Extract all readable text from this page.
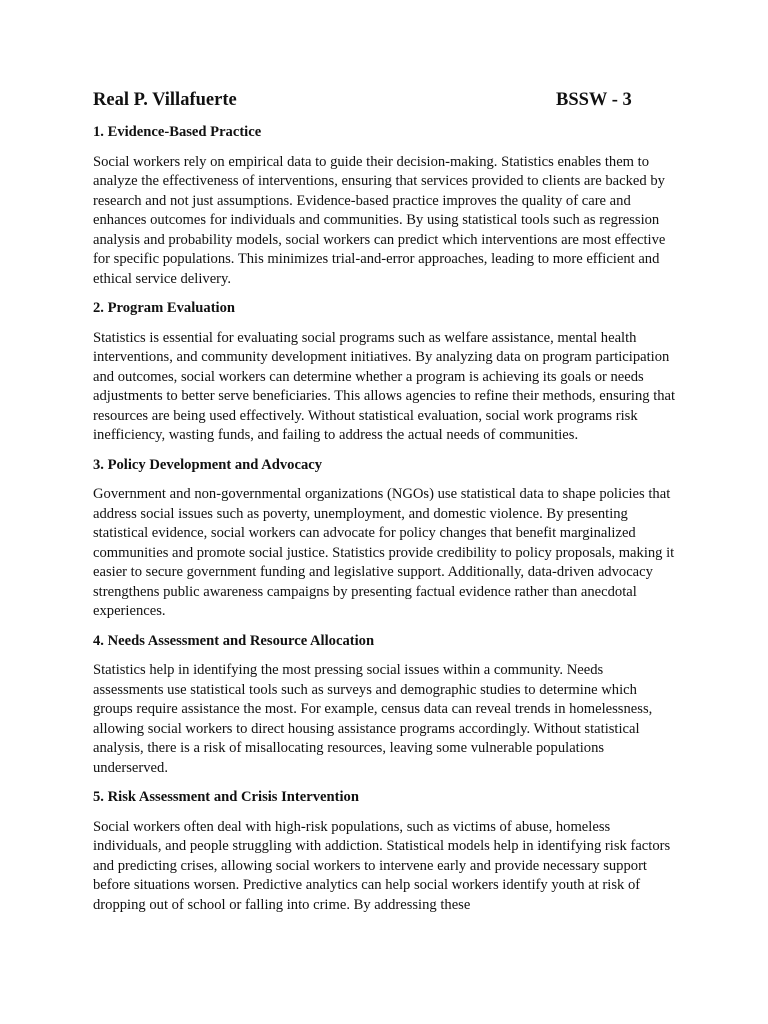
Real P. Villafuerte	BSSW - 3
1. Evidence-Based Practice
Social workers rely on empirical data to guide their decision-making. Statistics enables them to analyze the effectiveness of interventions, ensuring that services provided to clients are backed by research and not just assumptions. Evidence-based practice improves the quality of care and enhances outcomes for individuals and communities. By using statistical tools such as regression analysis and probability models, social workers can predict which interventions are most effective for specific populations. This minimizes trial-and-error approaches, leading to more efficient and ethical service delivery.
2. Program Evaluation
Statistics is essential for evaluating social programs such as welfare assistance, mental health interventions, and community development initiatives. By analyzing data on program participation and outcomes, social workers can determine whether a program is achieving its goals or needs adjustments to better serve beneficiaries. This allows agencies to refine their methods, ensuring that resources are being used effectively. Without statistical evaluation, social work programs risk inefficiency, wasting funds, and failing to address the actual needs of communities.
3. Policy Development and Advocacy
Government and non-governmental organizations (NGOs) use statistical data to shape policies that address social issues such as poverty, unemployment, and domestic violence. By presenting statistical evidence, social workers can advocate for policy changes that benefit marginalized communities and promote social justice. Statistics provide credibility to policy proposals, making it easier to secure government funding and legislative support. Additionally, data-driven advocacy strengthens public awareness campaigns by presenting factual evidence rather than anecdotal experiences.
4. Needs Assessment and Resource Allocation
Statistics help in identifying the most pressing social issues within a community. Needs assessments use statistical tools such as surveys and demographic studies to determine which groups require assistance the most. For example, census data can reveal trends in homelessness, allowing social workers to direct housing assistance programs accordingly. Without statistical analysis, there is a risk of misallocating resources, leaving some vulnerable populations underserved.
5. Risk Assessment and Crisis Intervention
Social workers often deal with high-risk populations, such as victims of abuse, homeless individuals, and people struggling with addiction. Statistical models help in identifying risk factors and predicting crises, allowing social workers to intervene early and provide necessary support before situations worsen. Predictive analytics can help social workers identify youth at risk of dropping out of school or falling into crime. By addressing these
